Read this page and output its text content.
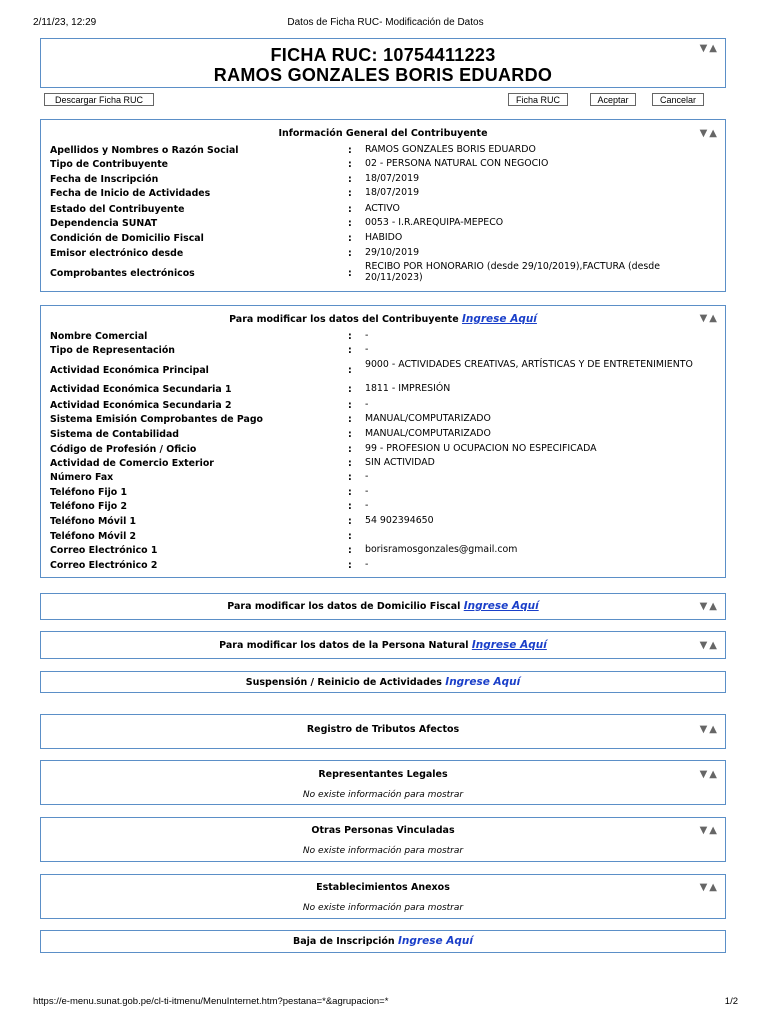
2/11/23, 12:29	Datos de Ficha RUC- Modificación de Datos
▼▲
FICHA RUC: 10754411223
RAMOS GONZALES BORIS EDUARDO
Descargar Ficha RUC	Ficha RUC	Aceptar	Cancelar
▼▲
Información General del Contribuyente
Apellidos y Nombres o Razón Social	: RAMOS GONZALES BORIS EDUARDO
Tipo de Contribuyente	: 02 - PERSONA NATURAL CON NEGOCIO
Fecha de Inscripción	: 18/07/2019
Fecha de Inicio de Actividades	: 18/07/2019
Estado del Contribuyente	: ACTIVO
Dependencia SUNAT	: 0053 - I.R.AREQUIPA-MEPECO
Condición de Domicilio Fiscal	: HABIDO
Emisor electrónico desde	: 29/10/2019
Comprobantes electrónicos	:
RECIBO POR HONORARIO (desde 29/10/2019),FACTURA (desde 20/11/2023)
▼▲
Para modificar los datos del Contribuyente Ingrese Aquí
Nombre Comercial	: -
Tipo de Representación	: -
Actividad Económica Principal	:
9000 - ACTIVIDADES CREATIVAS, ARTÍSTICAS Y DE ENTRETENIMIENTO
Actividad Económica Secundaria 1	: 1811 - IMPRESIÓN
Actividad Económica Secundaria 2	: -
Sistema Emisión Comprobantes de Pago	: MANUAL/COMPUTARIZADO
Sistema de Contabilidad	: MANUAL/COMPUTARIZADO
Código de Profesión / Oficio	: 99 - PROFESION U OCUPACION NO ESPECIFICADA
Actividad de Comercio Exterior	: SIN ACTIVIDAD
Número Fax	: -
Teléfono Fijo 1	: -
Teléfono Fijo 2	: -
Teléfono Móvil 1	: 54 902394650
Teléfono Móvil 2	:
Correo Electrónico 1	: borisramosgonzales@gmail.com
Correo Electrónico 2	: -
▼▲
Para modificar los datos de Domicilio Fiscal Ingrese Aquí
▼▲
Para modificar los datos de la Persona Natural Ingrese Aquí
Suspensión / Reinicio de Actividades Ingrese Aquí
▼▲
Registro de Tributos Afectos
▼▲
Representantes Legales
No existe información para mostrar
▼▲
Otras Personas Vinculadas
No existe información para mostrar
▼▲
Establecimientos Anexos
No existe información para mostrar
Baja de Inscripción Ingrese Aquí
https://e-menu.sunat.gob.pe/cl-ti-itmenu/MenuInternet.htm?pestana=*&agrupacion=*	1/2
